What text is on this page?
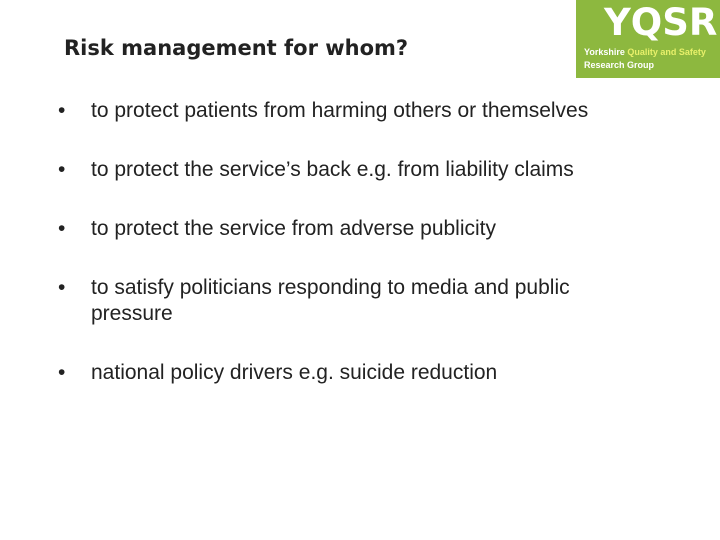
Risk management for whom?
YQSR
Yorkshire Quality and Safety
Research Group
• to protect patients from harming others or themselves
• to protect the service’s back e.g. from liability claims
• to protect the service from adverse publicity
• to satisfy politicians responding to media and public pressure
• national policy drivers e.g. suicide reduction
